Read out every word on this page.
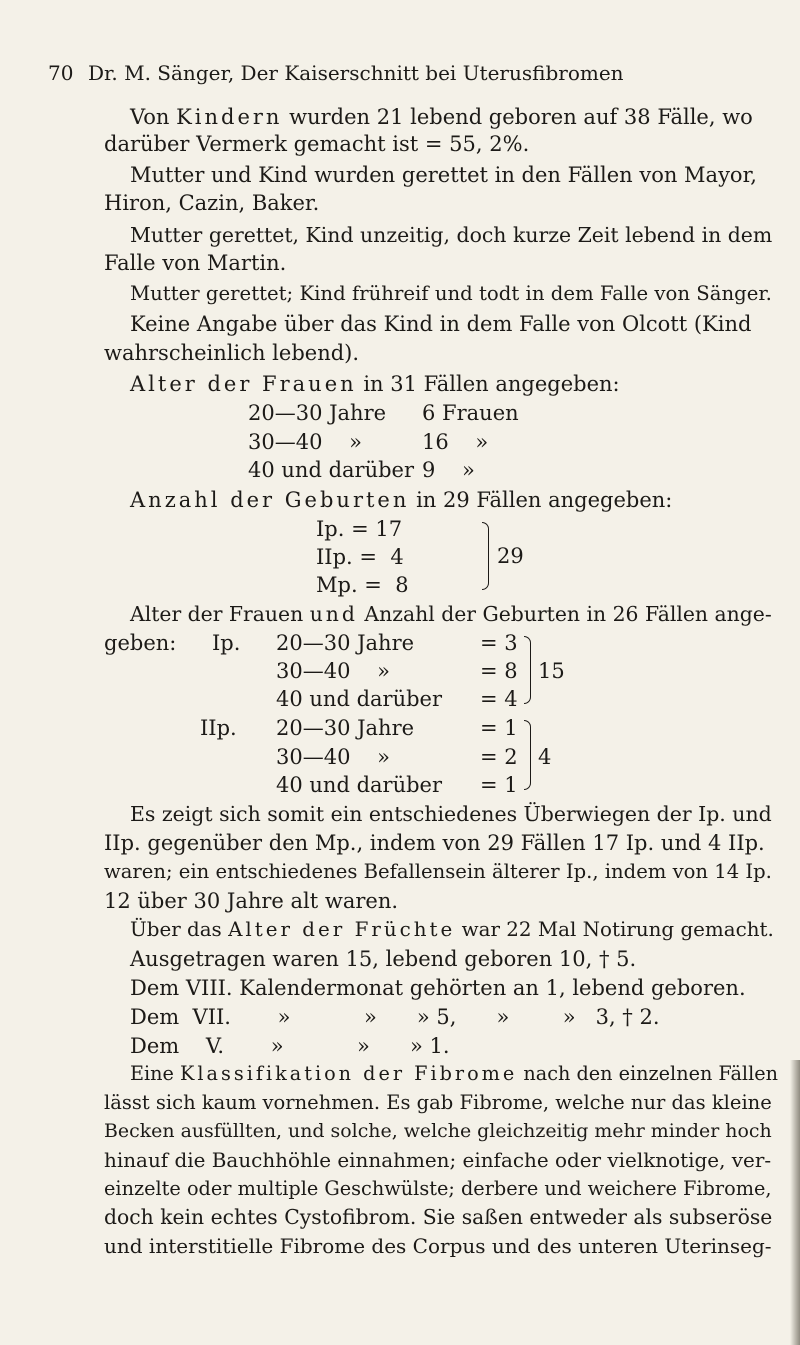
70 Dr. M. Sänger, Der Kaiserschnitt bei Uterusfibromen
Von Kindern wurden 21 lebend geboren auf 38 Fälle, wo
darüber Vermerk gemacht ist = 55, 2%.
Mutter und Kind wurden gerettet in den Fällen von Mayor,
Hiron, Cazin, Baker.
Mutter gerettet, Kind unzeitig, doch kurze Zeit lebend in dem
Falle von Martin.
Mutter gerettet; Kind frühreif und todt in dem Falle von Sänger.
Keine Angabe über das Kind in dem Falle von Olcott (Kind
wahrscheinlich lebend).
Alter der Frauen in 31 Fällen angegeben:
20—30 Jahre 6 Frauen
30—40    »	16    »
40 und darüber 9    »
Anzahl der Geburten in 29 Fällen angegeben:
Ip. = 17
IIp. =  4
Mp. =  8
29
Alter der Frauen und Anzahl der Geburten in 26 Fällen ange-
geben: Ip. 20—30 Jahre	= 3
30—40    »	= 8
40 und darüber = 4
15
IIp. 20—30 Jahre	= 1
30—40    »	= 2
40 und darüber = 1
4
Es zeigt sich somit ein entschiedenes Überwiegen der Ip. und
IIp. gegenüber den Mp., indem von 29 Fällen 17 Ip. und 4 IIp.
waren; ein entschiedenes Befallensein älterer Ip., indem von 14 Ip.
12 über 30 Jahre alt waren.
Über das Alter der Früchte war 22 Mal Notirung gemacht.
Ausgetragen waren 15, lebend geboren 10, † 5.
Dem VIII. Kalendermonat gehörten an 1, lebend geboren.
Dem  VII.       »           »      » 5,      »        »   3, † 2.
Dem    V.       »           »      » 1.
Eine Klassifikation der Fibrome nach den einzelnen Fällen
lässt sich kaum vornehmen. Es gab Fibrome, welche nur das kleine
Becken ausfüllten, und solche, welche gleichzeitig mehr minder hoch
hinauf die Bauchhöhle einnahmen; einfache oder vielknotige, ver-
einzelte oder multiple Geschwülste; derbere und weichere Fibrome,
doch kein echtes Cystofibrom. Sie saßen entweder als subseröse
und interstitielle Fibrome des Corpus und des unteren Uterinseg-
